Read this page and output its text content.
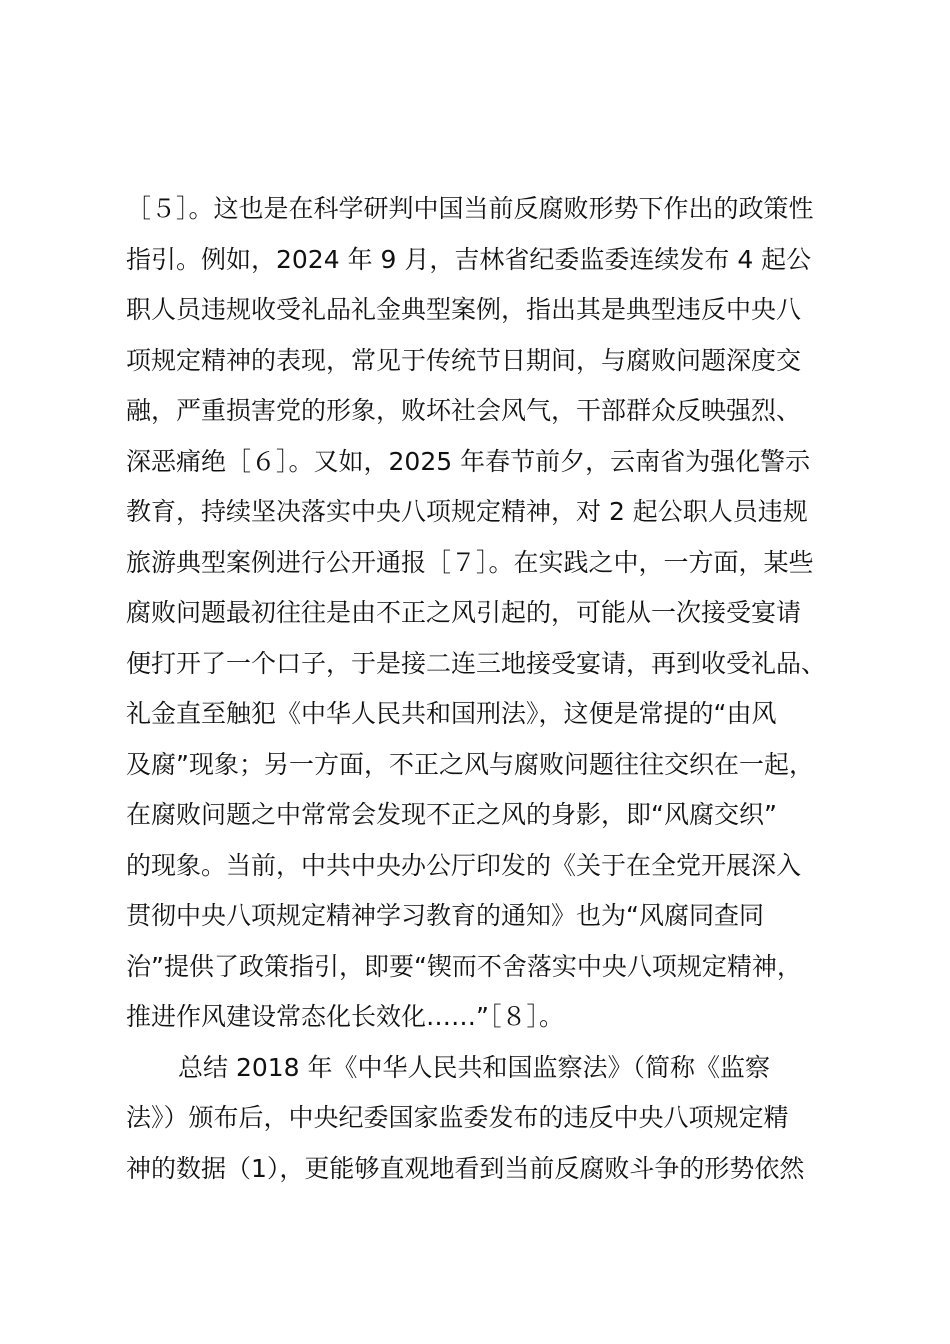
［５］。这也是在科学研判中国当前反腐败形势下作出的政策性
指引。例如，2024 年 9 月，吉林省纪委监委连续发布 4 起公
职人员违规收受礼品礼金典型案例，指出其是典型违反中央八
项规定精神的表现，常见于传统节日期间，与腐败问题深度交
融，严重损害党的形象，败坏社会风气，干部群众反映强烈、
深恶痛绝［６］。又如，2025 年春节前夕，云南省为强化警示
教育，持续坚决落实中央八项规定精神，对 2 起公职人员违规
旅游典型案例进行公开通报［７］。在实践之中，一方面，某些
腐败问题最初往往是由不正之风引起的，可能从一次接受宴请
便打开了一个口子，于是接二连三地接受宴请，再到收受礼品、
礼金直至触犯《中华人民共和国刑法》，这便是常提的“由风
及腐”现象；另一方面，不正之风与腐败问题往往交织在一起，
在腐败问题之中常常会发现不正之风的身影，即“风腐交织”
的现象。当前，中共中央办公厅印发的《关于在全党开展深入
贯彻中央八项规定精神学习教育的通知》也为“风腐同查同
治”提供了政策指引，即要“锲而不舍落实中央八项规定精神，
推进作风建设常态化长效化……”［８］。
总结 2018 年《中华人民共和国监察法》（简称《监察
法》）颁布后，中央纪委国家监委发布的违反中央八项规定精
神的数据（1），更能够直观地看到当前反腐败斗争的形势依然
